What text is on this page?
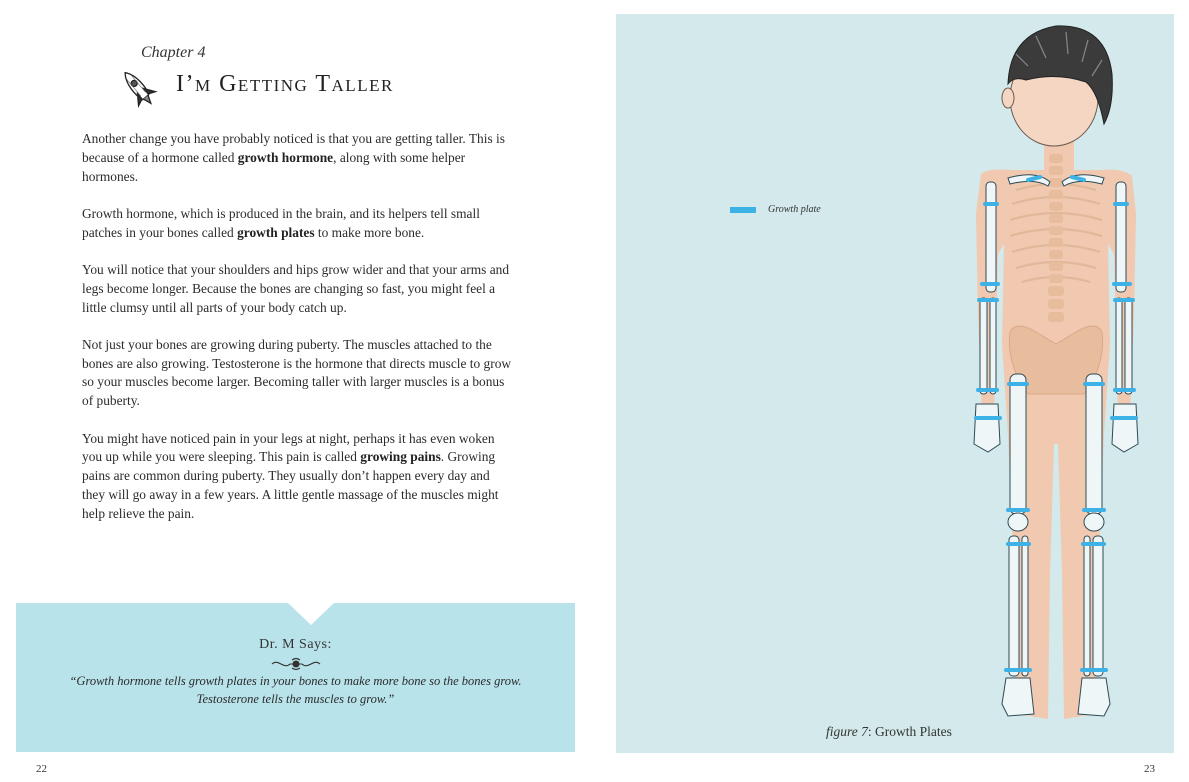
Chapter 4
I’m Getting Taller

Another change you have probably noticed is that you are getting taller. This is because of a hormone called growth hormone, along with some helper hormones.

Growth hormone, which is produced in the brain, and its helpers tell small patches in your bones called growth plates to make more bone.

You will notice that your shoulders and hips grow wider and that your arms and legs become longer. Because the bones are changing so fast, you might feel a little clumsy until all parts of your body catch up.

Not just your bones are growing during puberty. The muscles attached to the bones are also growing. Testosterone is the hormone that directs muscle to grow so your muscles become larger. Becoming taller with larger muscles is a bonus of puberty.

You might have noticed pain in your legs at night, perhaps it has even woken you up while you were sleeping. This pain is called growing pains. Growing pains are common during puberty. They usually don’t happen every day and they will go away in a few years. A little gentle massage of the muscles might help relieve the pain.

Dr. M Says:
“Growth hormone tells growth plates in your bones to make more bone so the bones grow. Testosterone tells the muscles to grow.”
22
Growth plate
figure 7: Growth Plates
23
